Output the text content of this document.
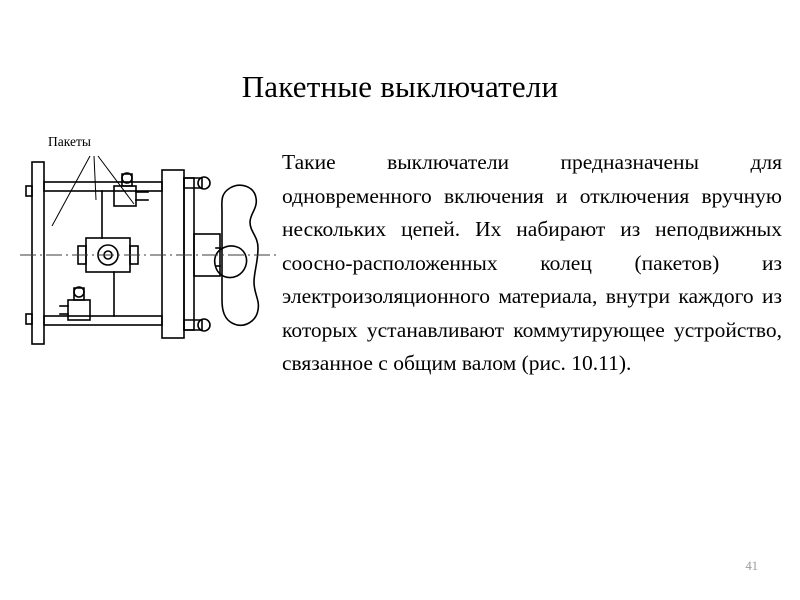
Пакетные выключатели
Пакеты

Такие выключатели предназначены для одновременного включения и отключения вручную нескольких цепей. Их набирают из неподвижных соосно-расположенных колец (пакетов) из электроизоляционного материала, внутри каждого из которых устанавливают коммутирующее устройство, связанное с общим валом (рис. 10.11).

41
